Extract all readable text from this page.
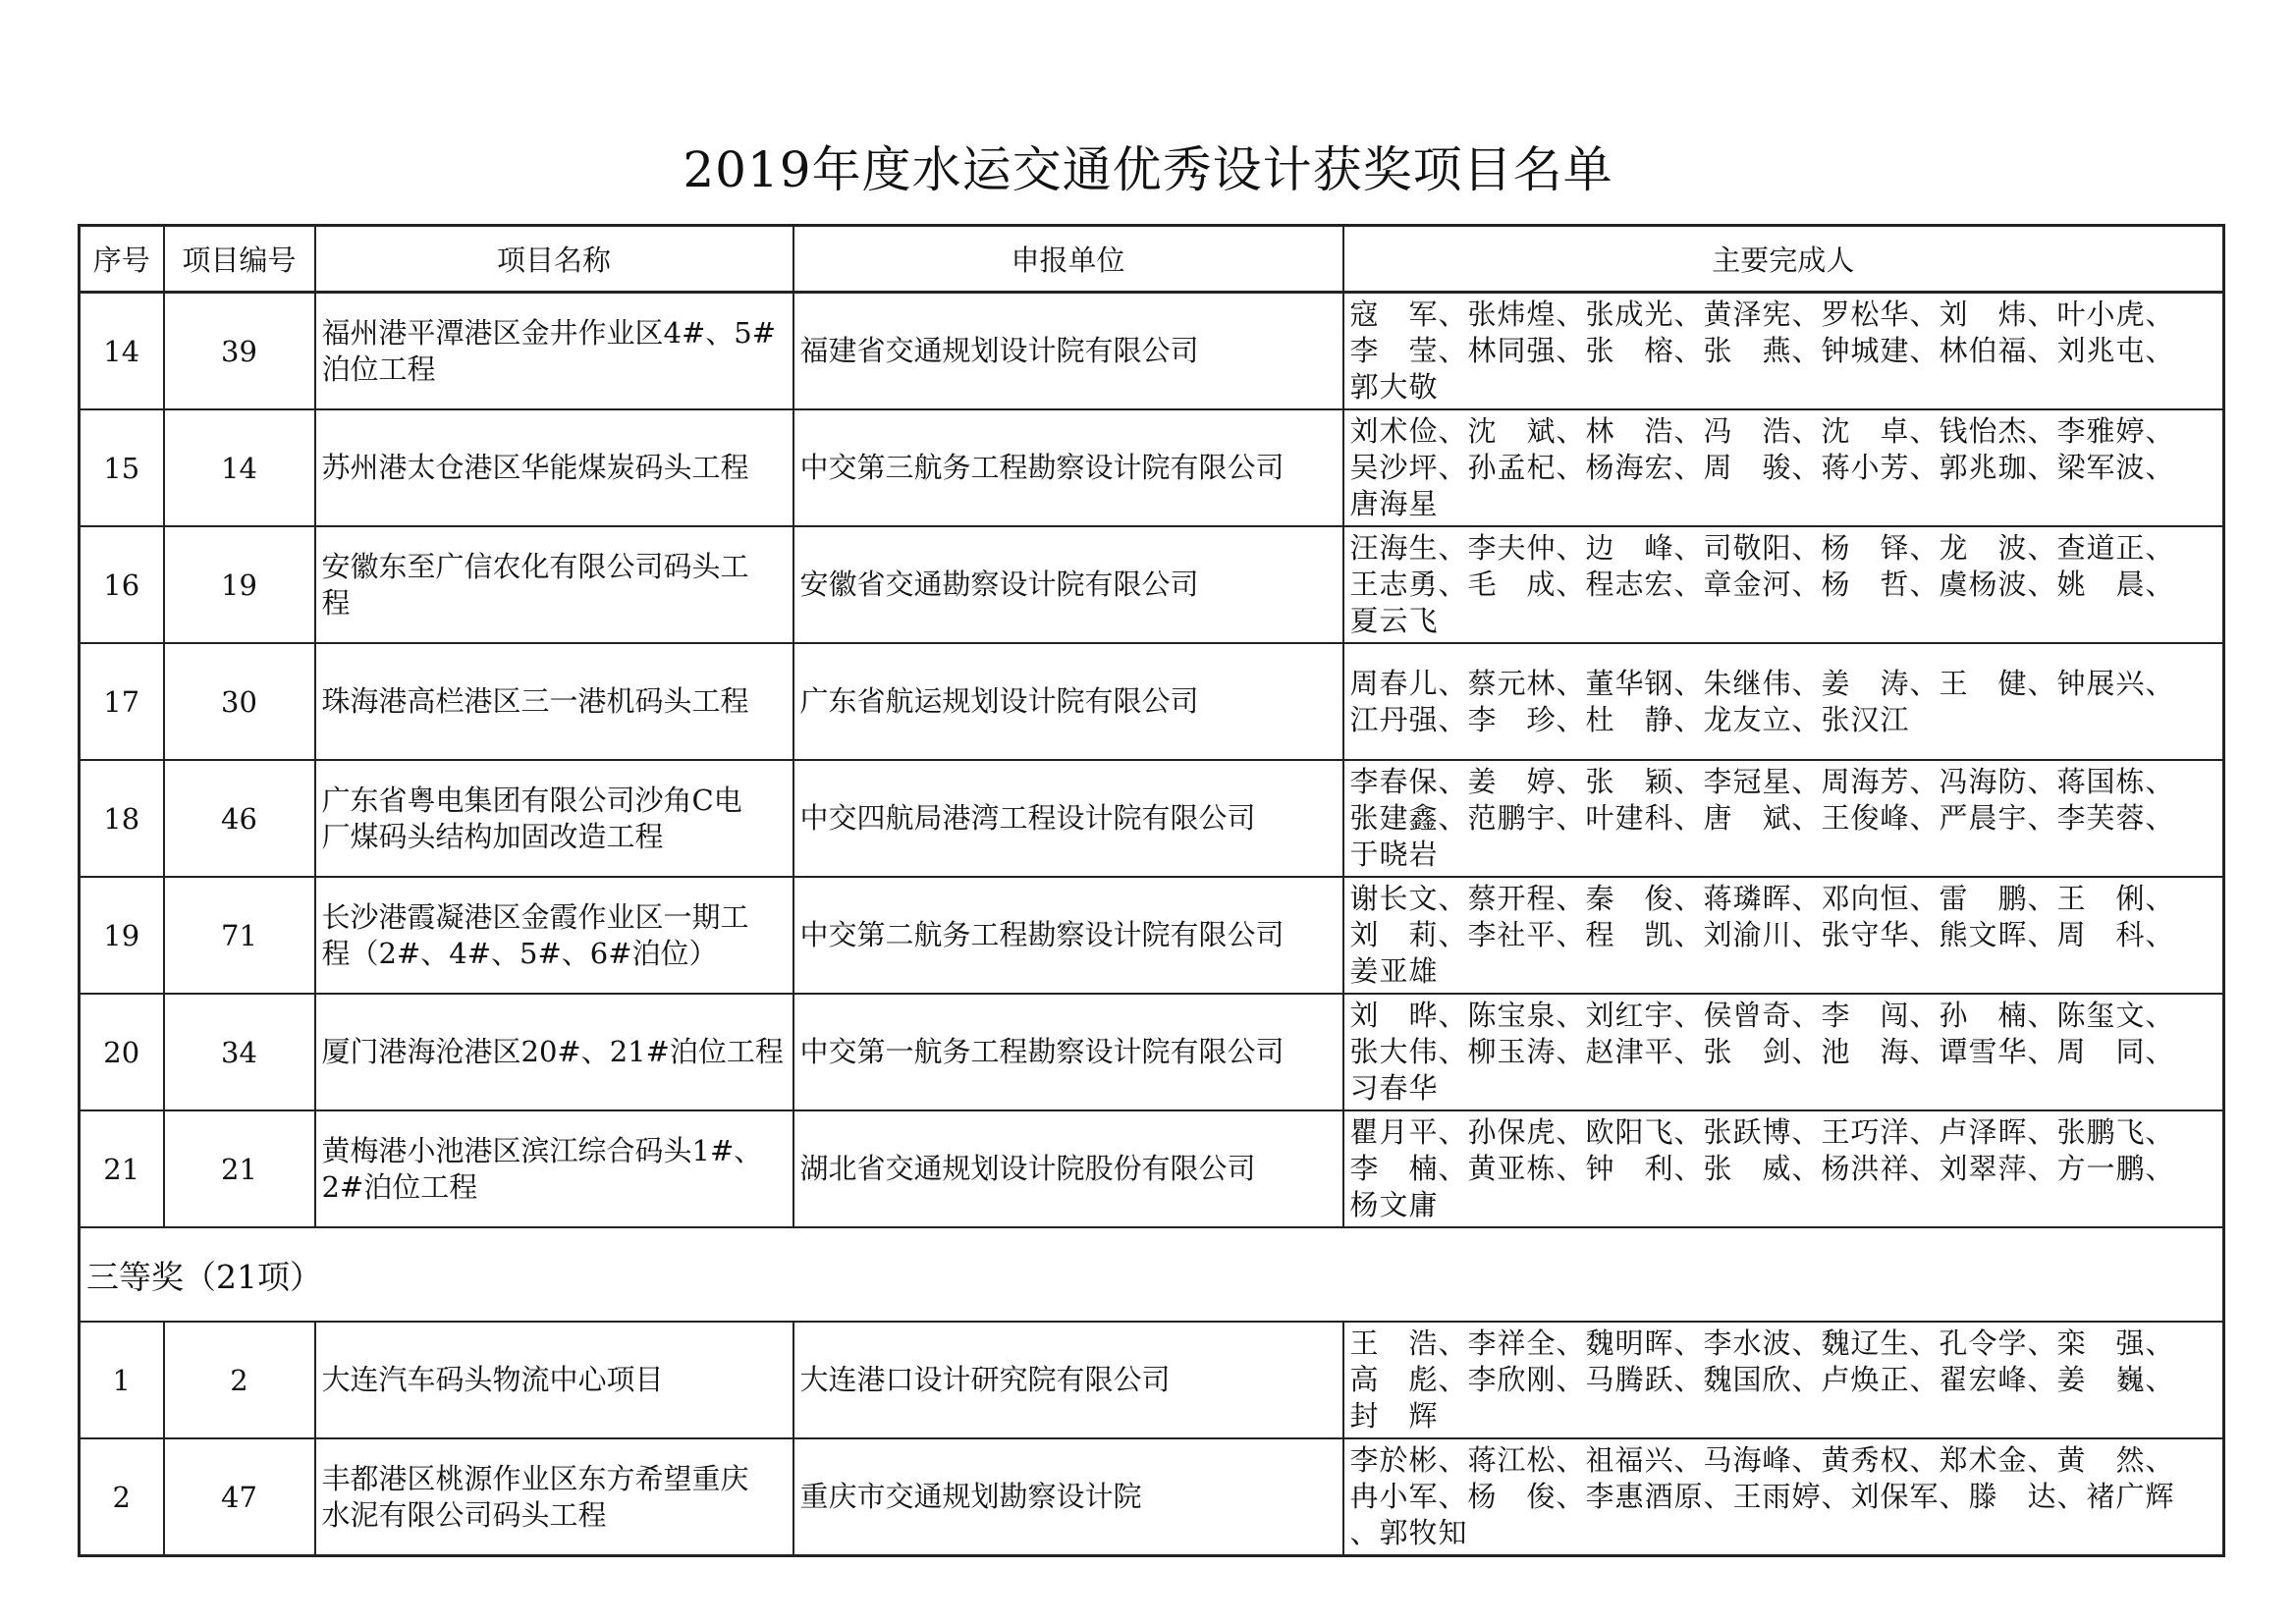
2019年度水运交通优秀设计获奖项目名单
序号	项目编号	项目名称	申报单位	主要完成人
14	39	福州港平潭港区金井作业区4#、5#
泊位工程	福建省交通规划设计院有限公司	寇　军、张炜煌、张成光、黄泽宪、罗松华、刘　炜、叶小虎、
李　莹、林同强、张　榕、张　燕、钟城建、林伯福、刘兆屯、
郭大敬
15	14	苏州港太仓港区华能煤炭码头工程	中交第三航务工程勘察设计院有限公司	刘术俭、沈　斌、林　浩、冯　浩、沈　卓、钱怡杰、李雅婷、
吴沙坪、孙孟杞、杨海宏、周　骏、蒋小芳、郭兆珈、梁军波、
唐海星
16	19	安徽东至广信农化有限公司码头工
程	安徽省交通勘察设计院有限公司	汪海生、李夫仲、边　峰、司敬阳、杨　铎、龙　波、查道正、
王志勇、毛　成、程志宏、章金河、杨　哲、虞杨波、姚　晨、
夏云飞
17	30	珠海港高栏港区三一港机码头工程	广东省航运规划设计院有限公司	周春儿、蔡元林、董华钢、朱继伟、姜　涛、王　健、钟展兴、
江丹强、李　珍、杜　静、龙友立、张汉江
18	46	广东省粤电集团有限公司沙角C电
厂煤码头结构加固改造工程	中交四航局港湾工程设计院有限公司	李春保、姜　婷、张　颖、李冠星、周海芳、冯海防、蒋国栋、
张建鑫、范鹏宇、叶建科、唐　斌、王俊峰、严晨宇、李芙蓉、
于晓岩
19	71	长沙港霞凝港区金霞作业区一期工
程（2#、4#、5#、6#泊位）	中交第二航务工程勘察设计院有限公司	谢长文、蔡开程、秦　俊、蒋璘晖、邓向恒、雷　鹏、王　俐、
刘　莉、李社平、程　凯、刘渝川、张守华、熊文晖、周　科、
姜亚雄
20	34	厦门港海沧港区20#、21#泊位工程	中交第一航务工程勘察设计院有限公司	刘　晔、陈宝泉、刘红宇、侯曾奇、李　闯、孙　楠、陈玺文、
张大伟、柳玉涛、赵津平、张　剑、池　海、谭雪华、周　同、
习春华
21	21	黄梅港小池港区滨江综合码头1#、
2#泊位工程	湖北省交通规划设计院股份有限公司	瞿月平、孙保虎、欧阳飞、张跃博、王巧洋、卢泽晖、张鹏飞、
李　楠、黄亚栋、钟　利、张　威、杨洪祥、刘翠萍、方一鹏、
杨文庸
三等奖（21项）				
1	2	大连汽车码头物流中心项目	大连港口设计研究院有限公司	王　浩、李祥全、魏明晖、李水波、魏辽生、孔令学、栾　强、
高　彪、李欣刚、马腾跃、魏国欣、卢焕正、翟宏峰、姜　巍、
封　辉
2	47	丰都港区桃源作业区东方希望重庆
水泥有限公司码头工程	重庆市交通规划勘察设计院	李於彬、蒋江松、祖福兴、马海峰、黄秀权、郑术金、黄　然、
冉小军、杨　俊、李惠酒原、王雨婷、刘保军、滕　达、褚广辉
、郭牧知
